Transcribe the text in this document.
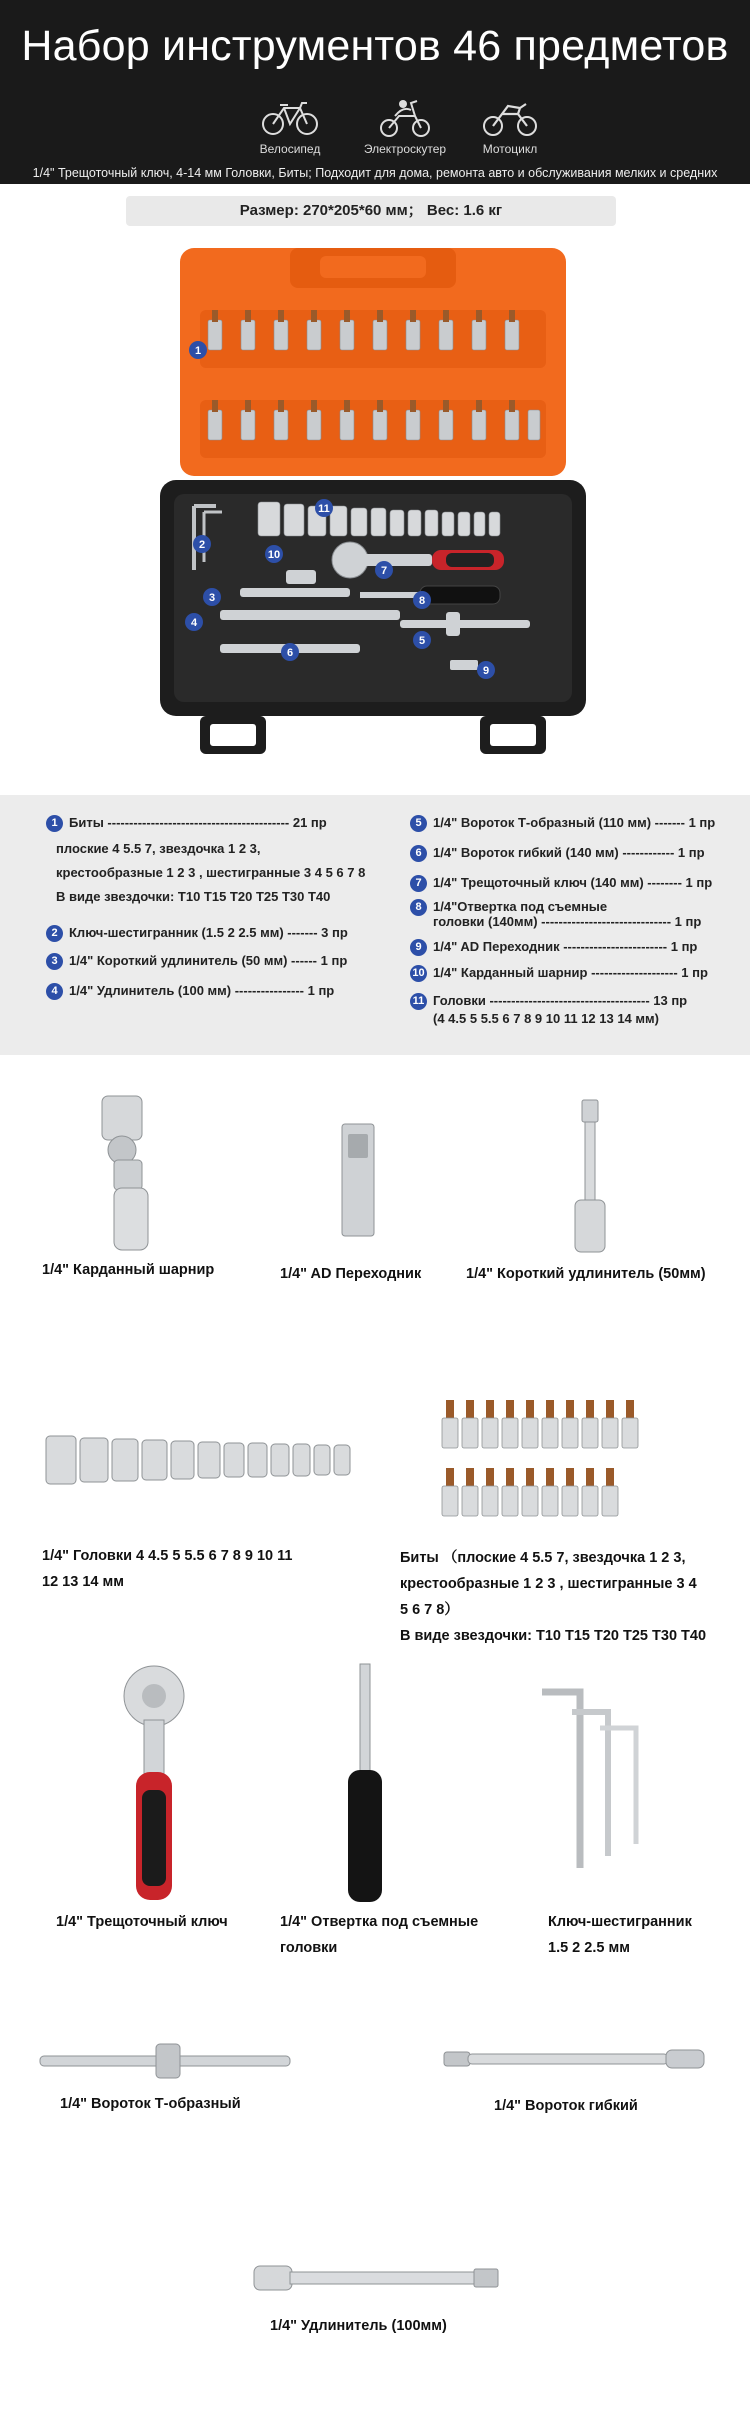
Набор инструментов 46 предметов
Велосипед	Электроскутер	Мотоцикл
1/4" Трещоточный ключ, 4-14 мм Головки, Биты; Подходит для дома, ремонта авто и обслуживания мелких и средних
Размер: 270*205*60 мм； Вес: 1.6 кг
1
2
3
4
5
6
7
8
9
10
11
1 Биты ------------------------------------------ 21 пр
плоские 4 5.5 7, звездочка 1 2 3,
крестообразные 1 2 3 , шестигранные 3 4 5 6 7 8
В виде звездочки: T10 T15 T20 T25 T30 T40
2 Ключ-шестигранник (1.5 2 2.5 мм) ------- 3 пр
3 1/4" Короткий удлинитель (50 мм) ------ 1 пр
4 1/4" Удлинитель (100 мм) ---------------- 1 пр
5 1/4" Вороток Т-образный (110 мм) ------- 1 пр
6 1/4" Вороток гибкий (140 мм) ------------ 1 пр
7 1/4" Трещоточный ключ (140 мм) -------- 1 пр
8 1/4"Отвертка под съемные
головки (140мм) ------------------------------ 1 пр
9 1/4" AD Переходник ------------------------ 1 пр
10 1/4" Карданный шарнир -------------------- 1 пр
11 Головки ------------------------------------- 13 пр
(4 4.5 5 5.5 6 7 8 9 10 11 12 13 14 мм)
1/4" Карданный шарнир	1/4" AD Переходник	1/4" Короткий удлинитель (50мм)
1/4" Головки 4 4.5 5 5.5 6 7 8 9 10 11
12 13 14 мм
Биты （плоские 4 5.5 7, звездочка 1 2 3,
крестообразные 1 2 3 , шестигранные 3 4
5 6 7 8）
В виде звездочки: T10 T15 T20 T25 T30 T40
1/4" Трещоточный ключ	1/4" Отвертка под съемные
головки
Ключ-шестигранник
1.5 2 2.5 мм
1/4" Вороток Т-образный	1/4" Вороток гибкий
1/4" Удлинитель (100мм)
